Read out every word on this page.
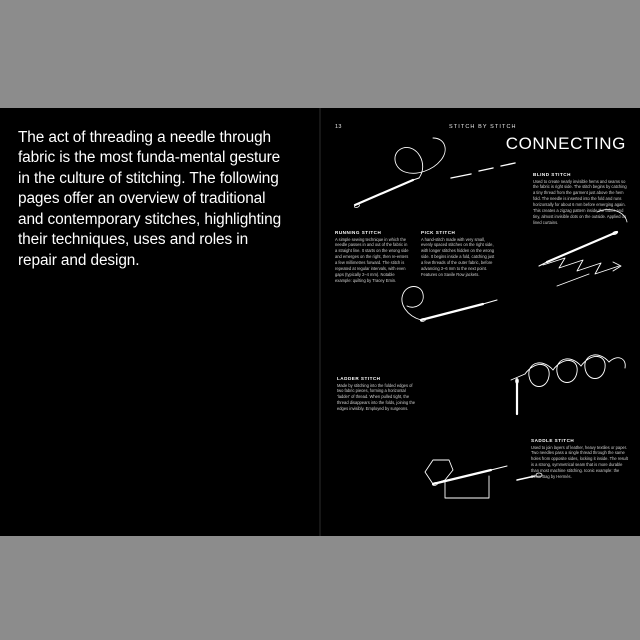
The act of threading a needle through fabric is the most funda-mental gesture in the culture of stitching. The following pages offer an overview of traditional and contemporary stitches, highlighting their techniques, uses and roles in repair and design.
13	STITCH BY STITCH
CONNECTING
RUNNING STITCH
A simple sewing technique in which the needle passes in and out of the fabric in a straight line. It starts on the wrong side and emerges on the right, then re-enters a few millimetres forward. The stitch is repeated at regular intervals, with even gaps (typically 2–4 mm). Notable example: quilting by Tracey Emin.
PICK STITCH
A hand-stitch made with very small, evenly spaced stitches on the right side, with longer stitches hidden on the wrong side. It begins inside a fold, catching just a few threads of the outer fabric, before advancing 3–6 mm to the next point. Features on Savile Row jackets.
BLIND STITCH
Used to create nearly invisible hems and seams so the fabric is right side. The stitch begins by catching a tiny thread from the garment just above the hem fold. The needle is inserted into the fold and runs horizontally for about 6 mm before emerging again. This creates a zigzag pattern inside the fabric and tiny, almost invisible dots on the outside. Applied on lined curtains.
LADDER STITCH
Made by stitching into the folded edges of two fabric pieces, forming a horizontal 'ladder' of thread. When pulled tight, the thread disappears into the folds, joining the edges invisibly. Employed by surgeons.
SADDLE STITCH
Used to join layers of leather, heavy textiles or paper. Two needles pass a single thread through the same holes from opposite sides, locking it inside. The result is a strong, symmetrical seam that is more durable than most machine stitching. Iconic example: the Birkin Bag by Hermès.
